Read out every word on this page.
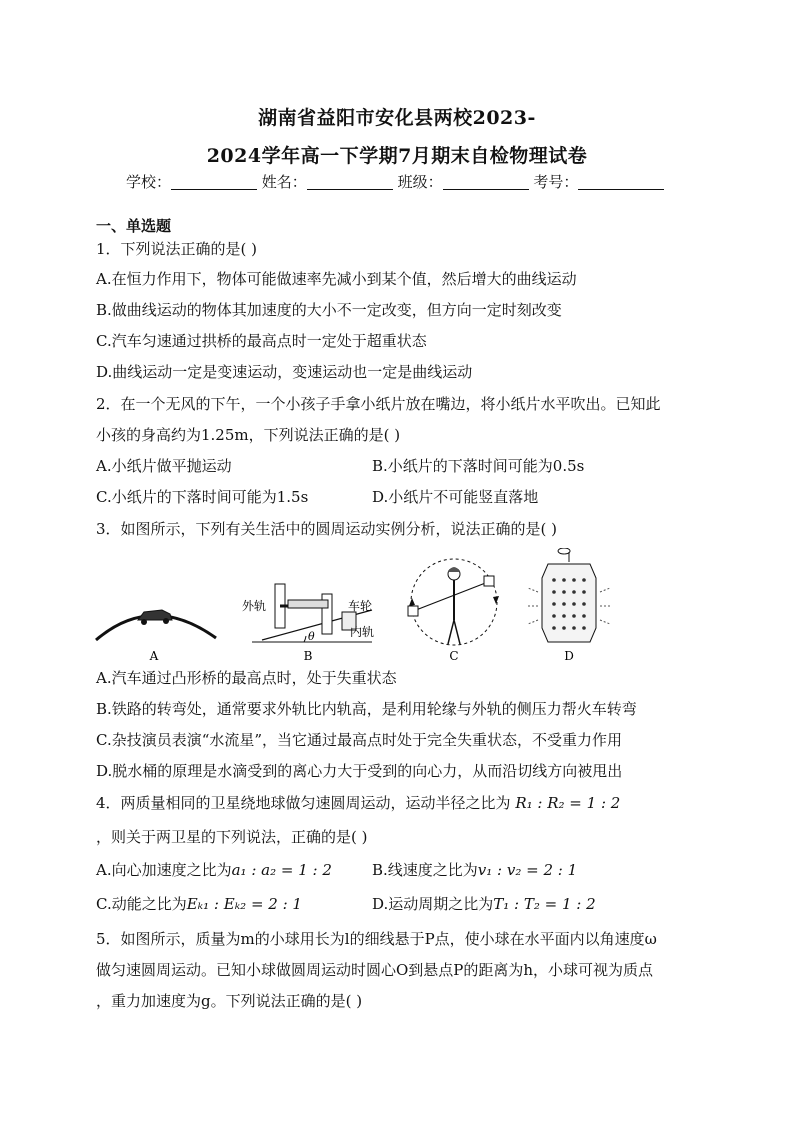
湖南省益阳市安化县两校2023-
2024学年高一下学期7月期末自检物理试卷
学校：	姓名：	班级：	考号：
一、单选题
1．下列说法正确的是( )
A.在恒力作用下，物体可能做速率先减小到某个值，然后增大的曲线运动
B.做曲线运动的物体其加速度的大小不一定改变，但方向一定时刻改变
C.汽车匀速通过拱桥的最高点时一定处于超重状态
D.曲线运动一定是变速运动，变速运动也一定是曲线运动
2．在一个无风的下午，一个小孩子手拿小纸片放在嘴边，将小纸片水平吹出。已知此
小孩的身高约为1.25m，下列说法正确的是( )
A.小纸片做平抛运动	B.小纸片的下落时间可能为0.5s
C.小纸片的下落时间可能为1.5s	D.小纸片不可能竖直落地
3．如图所示，下列有关生活中的圆周运动实例分析，说法正确的是( )
A
外轨	车轮
内轨
θ
B	C	D
A.汽车通过凸形桥的最高点时，处于失重状态
B.铁路的转弯处，通常要求外轨比内轨高，是利用轮缘与外轨的侧压力帮火车转弯
C.杂技演员表演“水流星”，当它通过最高点时处于完全失重状态，不受重力作用
D.脱水桶的原理是水滴受到的离心力大于受到的向心力，从而沿切线方向被甩出
4．两质量相同的卫星绕地球做匀速圆周运动，运动半径之比为 R₁ : R₂ = 1 : 2
，则关于两卫星的下列说法，正确的是( )
A.向心加速度之比为a₁ : a₂ = 1 : 2	B.线速度之比为v₁ : v₂ = 2 : 1
C.动能之比为Eₖ₁ : Eₖ₂ = 2 : 1	D.运动周期之比为T₁ : T₂ = 1 : 2
5．如图所示，质量为m的小球用长为l的细线悬于P点，使小球在水平面内以角速度ω
做匀速圆周运动。已知小球做圆周运动时圆心O到悬点P的距离为h，小球可视为质点
，重力加速度为g。下列说法正确的是( )
